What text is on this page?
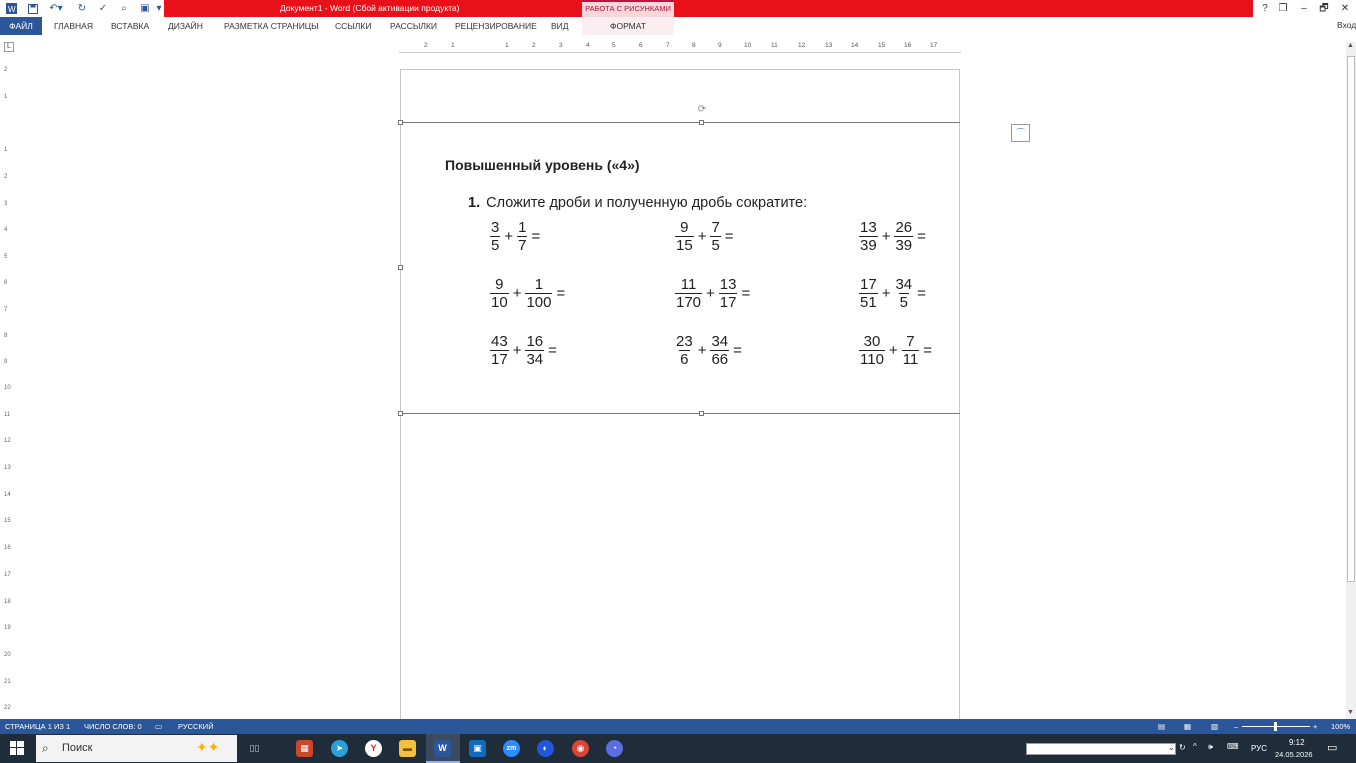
W	↶▾	↻	✓	⌕	▣ ▾	Документ1 - Word (Сбой активации продукта)	РАБОТА С РИСУНКАМИ	?	❐	–	🗗	✕
ФАЙЛ	ГЛАВНАЯ ВСТАВКА ДИЗАЙН РАЗМЕТКА СТРАНИЦЫ ССЫЛКИ РАССЫЛКИ РЕЦЕНЗИРОВАНИЕ ВИД	ФОРМАТ	Вход
L	2	1	1	2	3	4	5	6	7	8	9	10	11	12	13	14	15	16	17
2
1
1
2
3
4
5
6
7
8
9
10
11
12
13
14
15
16
17
18
19
20
21
22
⟳
⌒
Повышенный уровень («4»)
1. Сложите дроби и полученную дробь сократите:
$\frac{3}{5} + \frac{1}{7}$ =	$\frac{9}{15} + \frac{7}{5}$ =	$\frac{13}{39} + \frac{26}{39}$ =
$\frac{9}{10} + \frac{1}{100}$ =	$\frac{11}{170} + \frac{13}{17}$ =	$\frac{17}{51} + \frac{34}{5}$ =
$\frac{43}{17} + \frac{16}{34}$ =	$\frac{23}{6} + \frac{34}{66}$ =	$\frac{30}{110} + \frac{7}{11}$ =
▲
▼
СТРАНИЦА 1 ИЗ 1 ЧИСЛО СЛОВ: 0 ▭ РУССКИЙ	▤	▦	▧ –	+ 100%
⌕ Поиск	✦✦	▯▯	▦	➤	Y	▬	W	▣	zm	◐	◉	◔	⌄ ↻ ^ 🕪 ⌨ РУС
9:12
24.05.2026
▭
